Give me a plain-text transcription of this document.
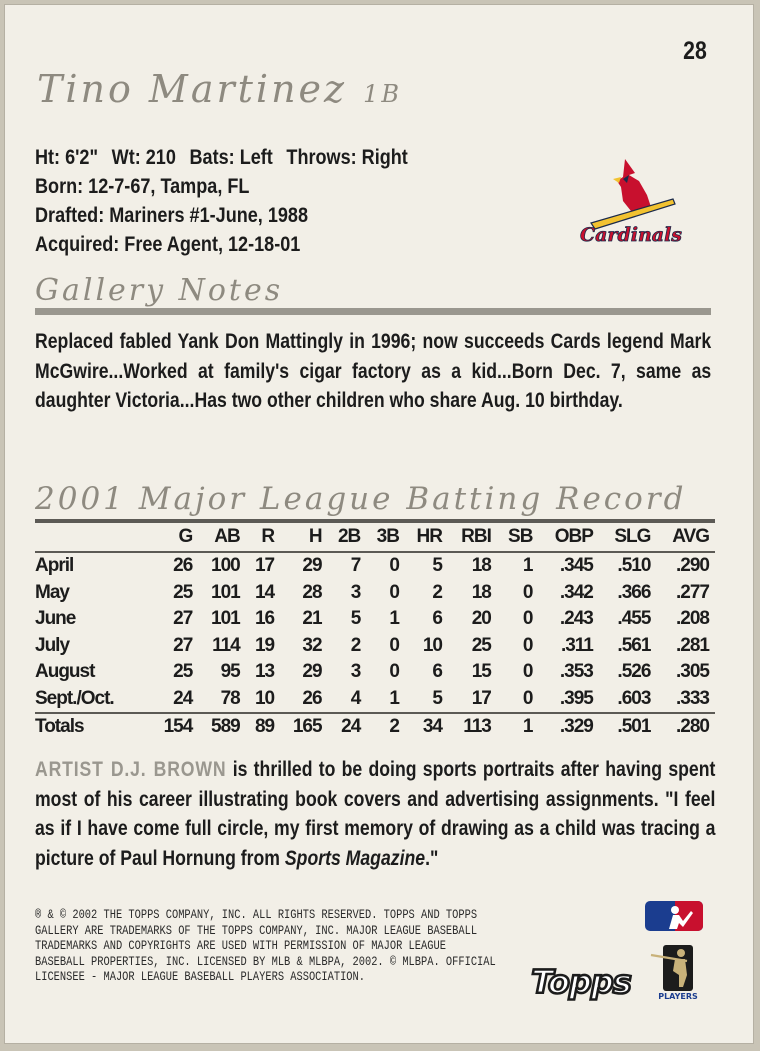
28
Tino Martinez 1B
Ht: 6'2" Wt: 210 Bats: Left Throws: Right
Born: 12-7-67, Tampa, FL
Drafted: Mariners #1-June, 1988
Acquired: Free Agent, 12-18-01	Cardinals
Gallery Notes
Replaced fabled Yank Don Mattingly in 1996; now succeeds Cards legend Mark McGwire...Worked at family's cigar factory as a kid...Born Dec. 7, same as daughter Victoria...Has two other children who share Aug. 10 birthday.
2001 Major League Batting Record
	G	AB	R	H	2B	3B	HR	RBI	SB	OBP	SLG	AVG
April	26	100	17	29	7	0	5	18	1	.345	.510	.290
May	25	101	14	28	3	0	2	18	0	.342	.366	.277
June	27	101	16	21	5	1	6	20	0	.243	.455	.208
July	27	114	19	32	2	0	10	25	0	.311	.561	.281
August	25	95	13	29	3	0	6	15	0	.353	.526	.305
Sept./Oct.	24	78	10	26	4	1	5	17	0	.395	.603	.333
Totals	154	589	89	165	24	2	34	113	1	.329	.501	.280
ARTIST D.J. BROWN is thrilled to be doing sports portraits after having spent most of his career illustrating book covers and advertising assignments. "I feel as if I have come full circle, my first memory of drawing as a child was tracing a picture of Paul Hornung from Sports Magazine."
® & © 2002 THE TOPPS COMPANY, INC. ALL RIGHTS RESERVED. TOPPS AND TOPPS GALLERY ARE TRADEMARKS OF THE TOPPS COMPANY, INC. MAJOR LEAGUE BASEBALL TRADEMARKS AND COPYRIGHTS ARE USED WITH PERMISSION OF MAJOR LEAGUE BASEBALL PROPERTIES, INC. LICENSED BY MLB & MLBPA, 2002. © MLBPA. OFFICIAL LICENSEE - MAJOR LEAGUE BASEBALL PLAYERS ASSOCIATION.	Topps	PLAYERS
